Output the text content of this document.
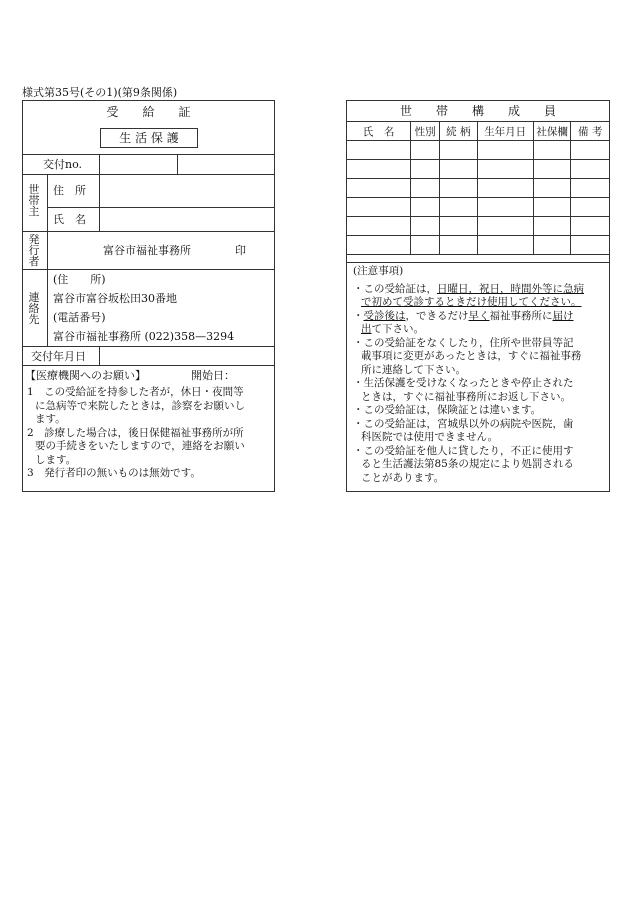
様式第35号(その1)(第9条関係)
受　　給　　証
生 活 保 護
交付no.
世
帯
主
住　所
氏　名
発
行
者
富谷市福祉事務所	印
連
絡
先
(住　　所)
富谷市富谷坂松田30番地
(電話番号)
富谷市福祉事務所 (022)358—3294
交付年月日
【医療機関へのお願い】	開始日：

1　この受給証を持参した者が，休日・夜間等
に急病等で来院したときは，診察をお願いし
ます。

2　診療した場合は，後日保健福祉事務所が所
要の手続きをいたしますので，連絡をお願い
します。

3　発行者印の無いものは無効です。

世　　帯　　構　　成　　員
氏　名	性別	続 柄	生年月日	社保欄	備 考

(注意事項)

・この受給証は，日曜日，祝日，時間外等に急病
で初めて受診するときだけ使用してください。

・受診後は，できるだけ早く福祉事務所に届け
出て下さい。

・この受給証をなくしたり，住所や世帯員等記
載事項に変更があったときは，すぐに福祉事務
所に連絡して下さい。

・生活保護を受けなくなったときや停止された
ときは，すぐに福祉事務所にお返し下さい。

・この受給証は，保険証とは違います。

・この受給証は，宮城県以外の病院や医院，歯
科医院では使用できません。

・この受給証を他人に貸したり，不正に使用す
ると生活護法第85条の規定により処罰される
ことがあります。
